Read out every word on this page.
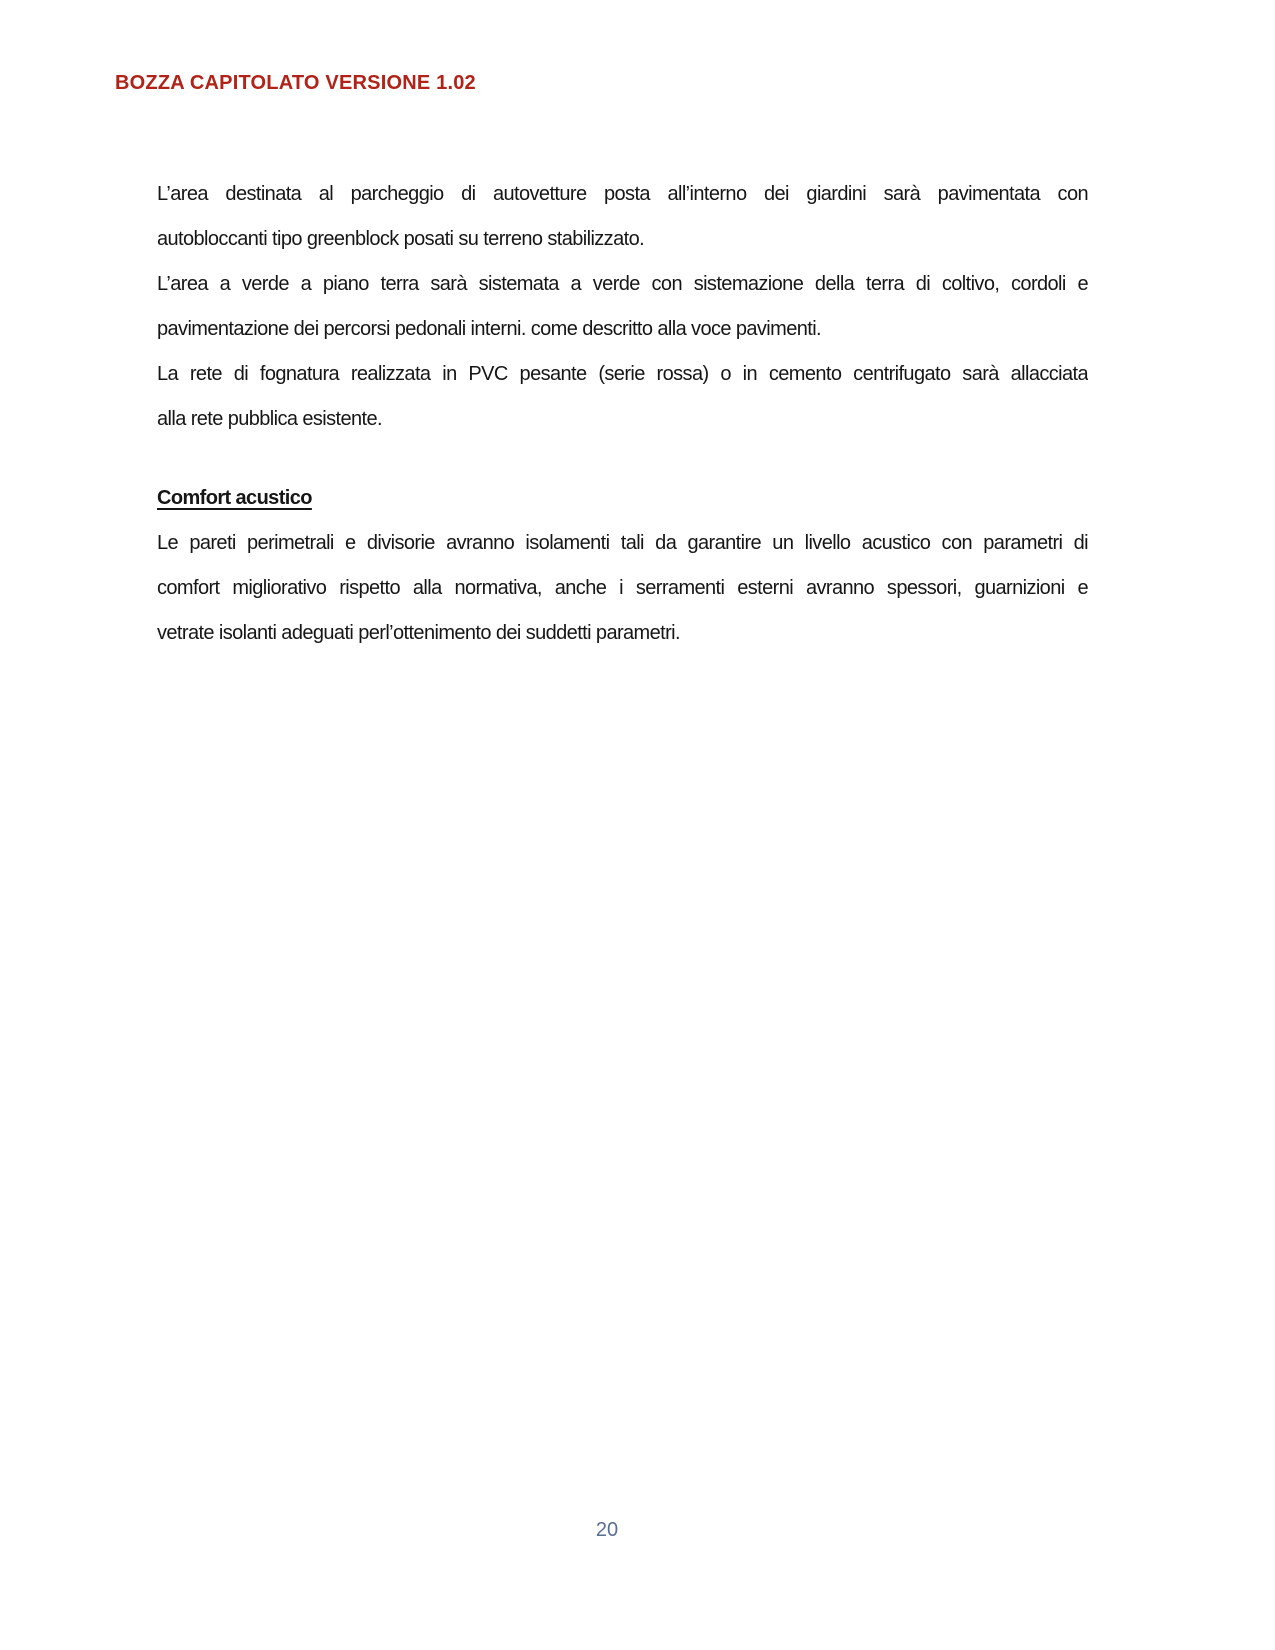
BOZZA CAPITOLATO VERSIONE 1.02
L’area destinata al parcheggio di autovetture posta all’interno dei giardini sarà pavimentata con
autobloccanti tipo greenblock posati su terreno stabilizzato.
L’area a verde a piano terra sarà sistemata a verde con sistemazione della terra di coltivo, cordoli e
pavimentazione dei percorsi pedonali interni. come descritto alla voce pavimenti.
La rete di fognatura realizzata in PVC pesante (serie rossa) o in cemento centrifugato sarà allacciata
alla rete pubblica esistente.
Comfort acustico
Le pareti perimetrali e divisorie avranno isolamenti tali da garantire un livello acustico con parametri di
comfort migliorativo rispetto alla normativa, anche i serramenti esterni avranno spessori, guarnizioni e
vetrate isolanti adeguati perl’ottenimento dei suddetti parametri.
20
